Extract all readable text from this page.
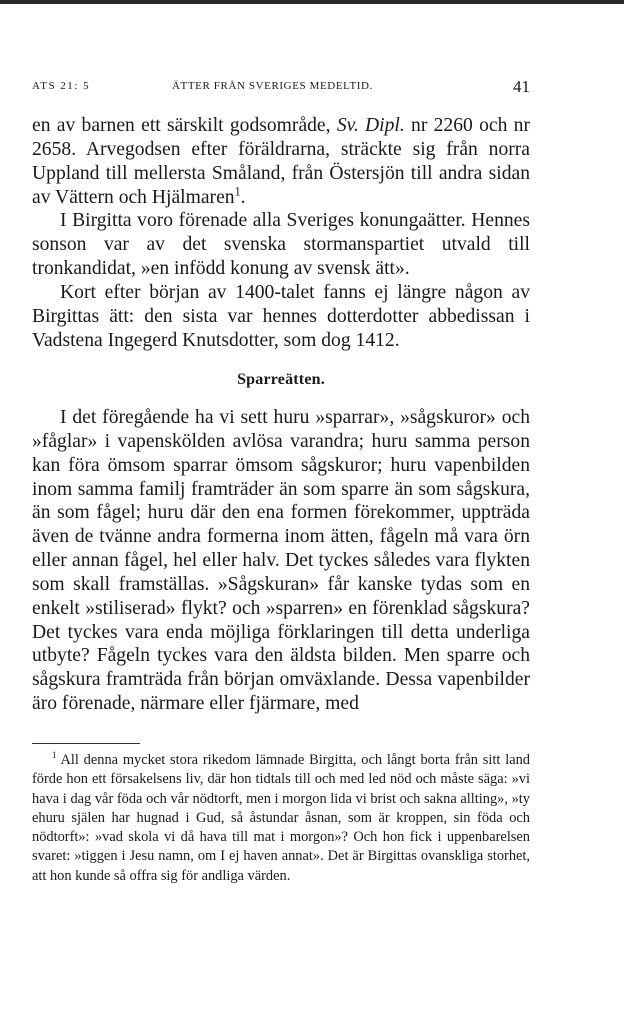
ATS 21: 5	ÄTTER FRÅN SVERIGES MEDELTID.	41

en av barnen ett särskilt godsområde, Sv. Dipl. nr 2260 och nr 2658. Arvegodsen efter föräldrarna, sträckte sig från norra Uppland till mellersta Småland, från Östersjön till andra sidan av Vättern och Hjälmaren$^1$.

I Birgitta voro förenade alla Sveriges konungaätter. Hennes sonson var av det svenska stormanspartiet utvald till tronkandidat, »en infödd konung av svensk ätt».

Kort efter början av 1400-talet fanns ej längre någon av Birgittas ätt: den sista var hennes dotterdotter abbedissan i Vadstena Ingegerd Knutsdotter, som dog 1412.

Sparreätten.

I det föregående ha vi sett huru »sparrar», »sågskuror» och »fåglar» i vapenskölden avlösa varandra; huru samma person kan föra ömsom sparrar ömsom sågskuror; huru vapenbilden inom samma familj framträder än som sparre än som sågskura, än som fågel; huru där den ena formen förekommer, uppträda även de tvänne andra formerna inom ätten, fågeln må vara örn eller annan fågel, hel eller halv. Det tyckes således vara flykten som skall framställas. »Sågskuran» får kanske tydas som en enkelt »stiliserad» flykt? och »sparren» en förenklad sågskura? Det tyckes vara enda möjliga förklaringen till detta underliga utbyte? Fågeln tyckes vara den äldsta bilden. Men sparre och sågskura framträda från början omväxlande. Dessa vapenbilder äro förenade, närmare eller fjärmare, med

$^1$ All denna mycket stora rikedom lämnade Birgitta, och långt borta från sitt land förde hon ett försakelsens liv, där hon tidtals till och med led nöd och måste säga: »vi hava i dag vår föda och vår nödtorft, men i morgon lida vi brist och sakna allting», »ty ehuru själen har hugnad i Gud, så åstundar åsnan, som är kroppen, sin föda och nödtorft»: »vad skola vi då hava till mat i morgon»? Och hon fick i uppenbarelsen svaret: »tiggen i Jesu namn, om I ej haven annat». Det är Birgittas ovanskliga storhet, att hon kunde så offra sig för andliga värden.
